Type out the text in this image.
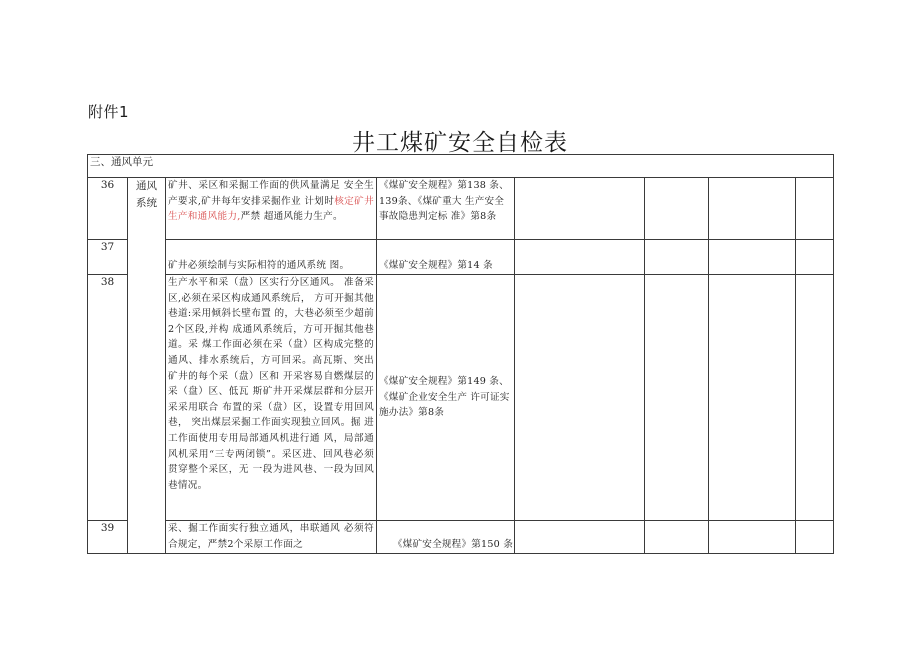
附件1
井工煤矿安全自检表
三、通风单元							
36	通风系统	矿井、采区和采掘工作面的供风量满足 安全生产要求,矿井每年安排采掘作业 计划时核定矿井生产和通风能力,严禁 超通风能力生产。	《煤矿安全规程》第138 条、139条、《煤矿重大 生产安全事故隐患判定标 准》第8条				
37		矿井必须绘制与实际相符的通风系统 图。	《煤矿安全规程》第14 条				
38		生产水平和采（盘）区实行分区通风。 准备采区,必须在采区构成通风系统后， 方可开掘其他巷道:采用倾斜长壁布置 的，大巷必须至少超前2个区段,并构 成通风系统后，方可开掘其他巷道。采 煤工作面必须在采（盘）区构成完整的 通风、排水系统后，方可回采。高瓦斯、突出矿井的每个采（盘）区和 开采容易自燃煤层的采（盘）区、低瓦 斯矿井开采煤层群和分层开采采用联合 布置的采（盘）区，设置专用回风巷， 突出煤层采掘工作面实现独立回风。掘 进工作面使用专用局部通风机进行通 风，局部通风机采用“三专两闭锁”。采区进、回风巷必须贯穿整个采区，无 一段为进风巷、一段为回风巷情况。	《煤矿安全规程》第149 条、《煤矿企业安全生产 许可证实施办法》第8条				
39		采、掘工作面实行独立通风，串联通风 必须符合规定，严禁2个采原工作面之	《煤矿安全规程》第150 条				
